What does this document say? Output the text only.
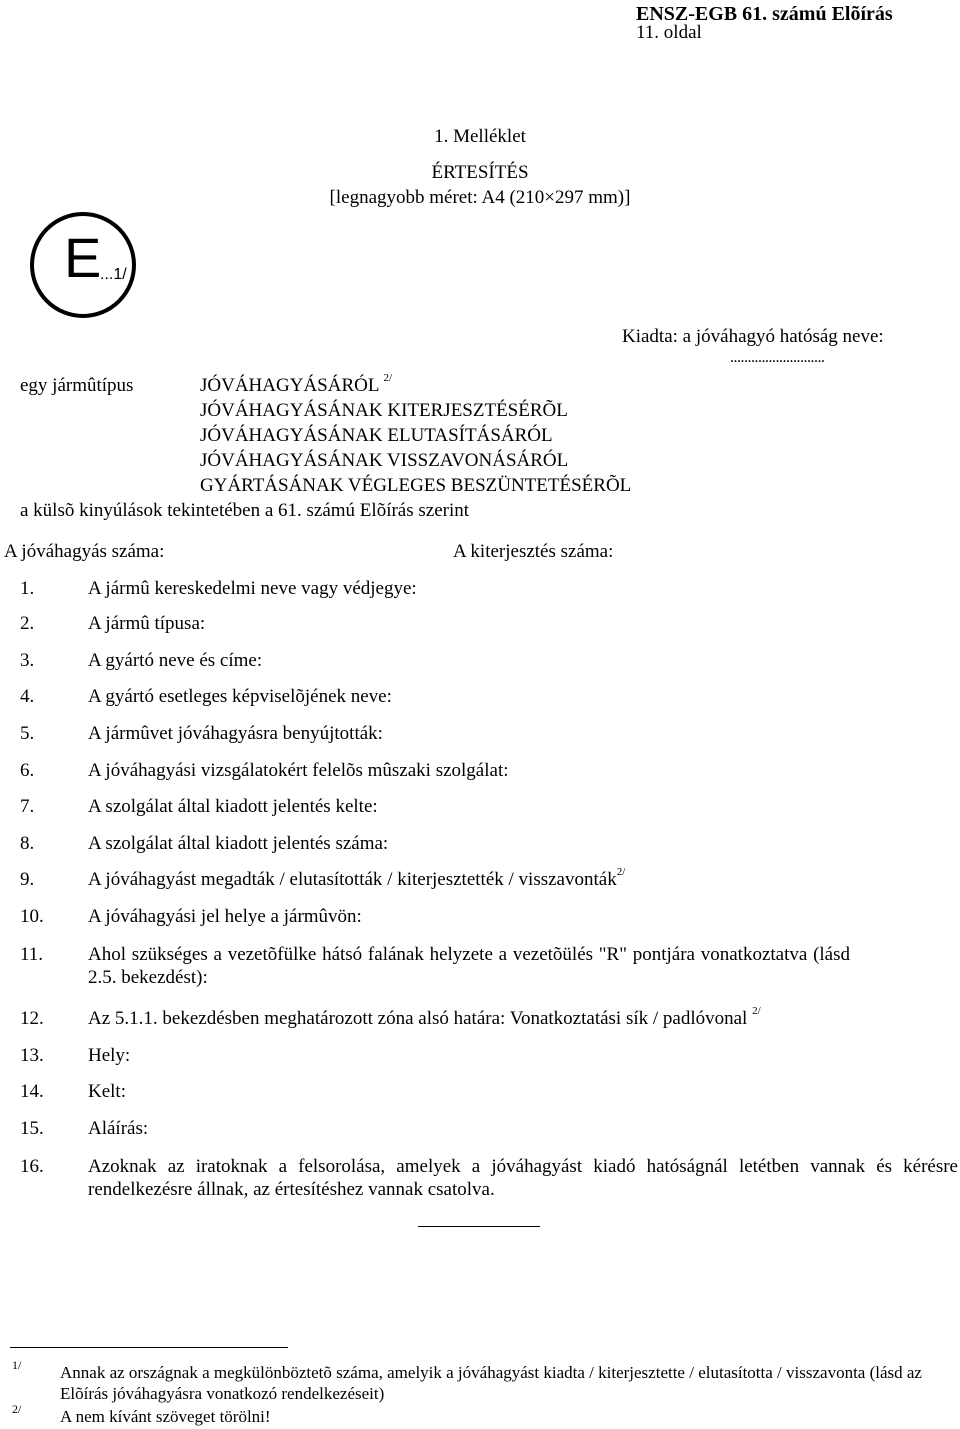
ENSZ-EGB 61. számú Elõírás
11. oldal
1. Melléklet
ÉRTESÍTÉS
[legnagyobb méret: A4 (210×297 mm)]
E
...1/
Kiadta: a jóváhagyó hatóság neve:
...........................
egy jármûtípus	JÓVÁHAGYÁSÁRÓL $^{2/}$
JÓVÁHAGYÁSÁNAK KITERJESZTÉSÉRÕL
JÓVÁHAGYÁSÁNAK ELUTASÍTÁSÁRÓL
JÓVÁHAGYÁSÁNAK VISSZAVONÁSÁRÓL
GYÁRTÁSÁNAK VÉGLEGES BESZÜNTETÉSÉRÕL
a külsõ kinyúlások tekintetében a 61. számú Elõírás szerint
A jóváhagyás száma:	A kiterjesztés száma:
1.	A jármû kereskedelmi neve vagy védjegye:
2.	A jármû típusa:
3.	A gyártó neve és címe:
4.	A gyártó esetleges képviselõjének neve:
5.	A jármûvet jóváhagyásra benyújtották:
6.	A jóváhagyási vizsgálatokért felelõs mûszaki szolgálat:
7.	A szolgálat által kiadott jelentés kelte:
8.	A szolgálat által kiadott jelentés száma:
9.	A jóváhagyást megadták / elutasították / kiterjesztették / visszavonták$^{2/}$
10. A jóváhagyási jel helye a jármûvön:
11. Ahol szükséges a vezetõfülke hátsó falának helyzete a vezetõülés "R" pontjára vonatkoztatva (lásd 2.5. bekezdést):
12. Az 5.1.1. bekezdésben meghatározott zóna alsó határa: Vonatkoztatási sík / padlóvonal $^{2/}$
13. Hely:
14. Kelt:
15. Aláírás:
16. Azoknak az iratoknak a felsorolása, amelyek a jóváhagyást kiadó hatóságnál letétben vannak és kérésre rendelkezésre állnak, az értesítéshez vannak csatolva.
1/ Annak az országnak a megkülönböztetõ száma, amelyik a jóváhagyást kiadta / kiterjesztette / elutasította / visszavonta (lásd az Elõírás jóváhagyásra vonatkozó rendelkezéseit)
2/ A nem kívánt szöveget törölni!
